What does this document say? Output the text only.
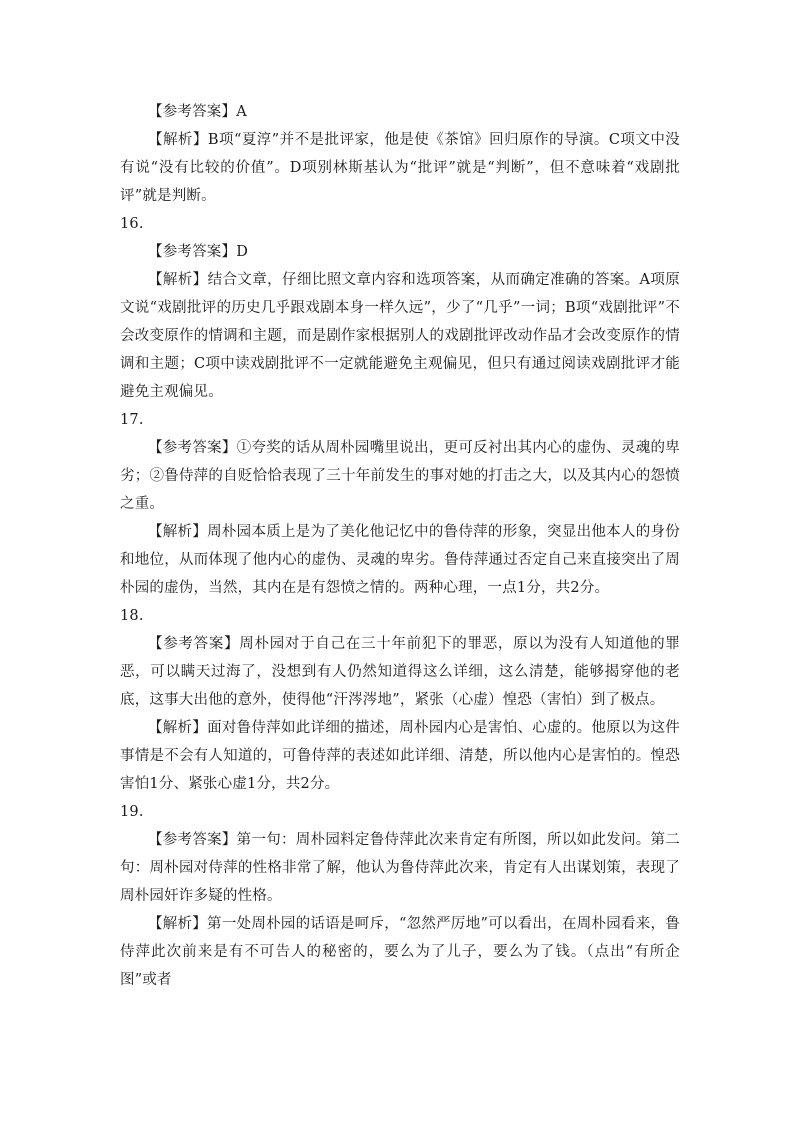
【参考答案】A

【解析】B项“夏淳”并不是批评家，他是使《茶馆》回归原作的导演。C项文中没有说“没有比较的价值”。D项别林斯基认为“批评”就是“判断”，但不意味着“戏剧批评”就是判断。

16.

【参考答案】D

【解析】结合文章，仔细比照文章内容和选项答案，从而确定准确的答案。A项原文说“戏剧批评的历史几乎跟戏剧本身一样久远”，少了“几乎”一词；B项“戏剧批评”不会改变原作的情调和主题，而是剧作家根据别人的戏剧批评改动作品才会改变原作的情调和主题；C项中读戏剧批评不一定就能避免主观偏见，但只有通过阅读戏剧批评才能避免主观偏见。

17.

【参考答案】①夸奖的话从周朴园嘴里说出，更可反衬出其内心的虚伪、灵魂的卑劣；②鲁侍萍的自贬恰恰表现了三十年前发生的事对她的打击之大，以及其内心的怨愤之重。

【解析】周朴园本质上是为了美化他记忆中的鲁侍萍的形象，突显出他本人的身份和地位，从而体现了他内心的虚伪、灵魂的卑劣。鲁侍萍通过否定自己来直接突出了周朴园的虚伪，当然，其内在是有怨愤之情的。两种心理，一点1分，共2分。

18.

【参考答案】周朴园对于自己在三十年前犯下的罪恶，原以为没有人知道他的罪恶，可以瞒天过海了，没想到有人仍然知道得这么详细，这么清楚，能够揭穿他的老底，这事大出他的意外，使得他“汗涔涔地”，紧张（心虚）惶恐（害怕）到了极点。

【解析】面对鲁侍萍如此详细的描述，周朴园内心是害怕、心虚的。他原以为这件事情是不会有人知道的，可鲁侍萍的表述如此详细、清楚，所以他内心是害怕的。惶恐害怕1分、紧张心虚1分，共2分。

19.

【参考答案】第一句：周朴园料定鲁侍萍此次来肯定有所图，所以如此发问。第二句：周朴园对侍萍的性格非常了解，他认为鲁侍萍此次来，肯定有人出谋划策，表现了周朴园奸诈多疑的性格。

【解析】第一处周朴园的话语是呵斥，“忽然严厉地”可以看出，在周朴园看来，鲁侍萍此次前来是有不可告人的秘密的，要么为了儿子，要么为了钱。（点出“有所企图”或者
